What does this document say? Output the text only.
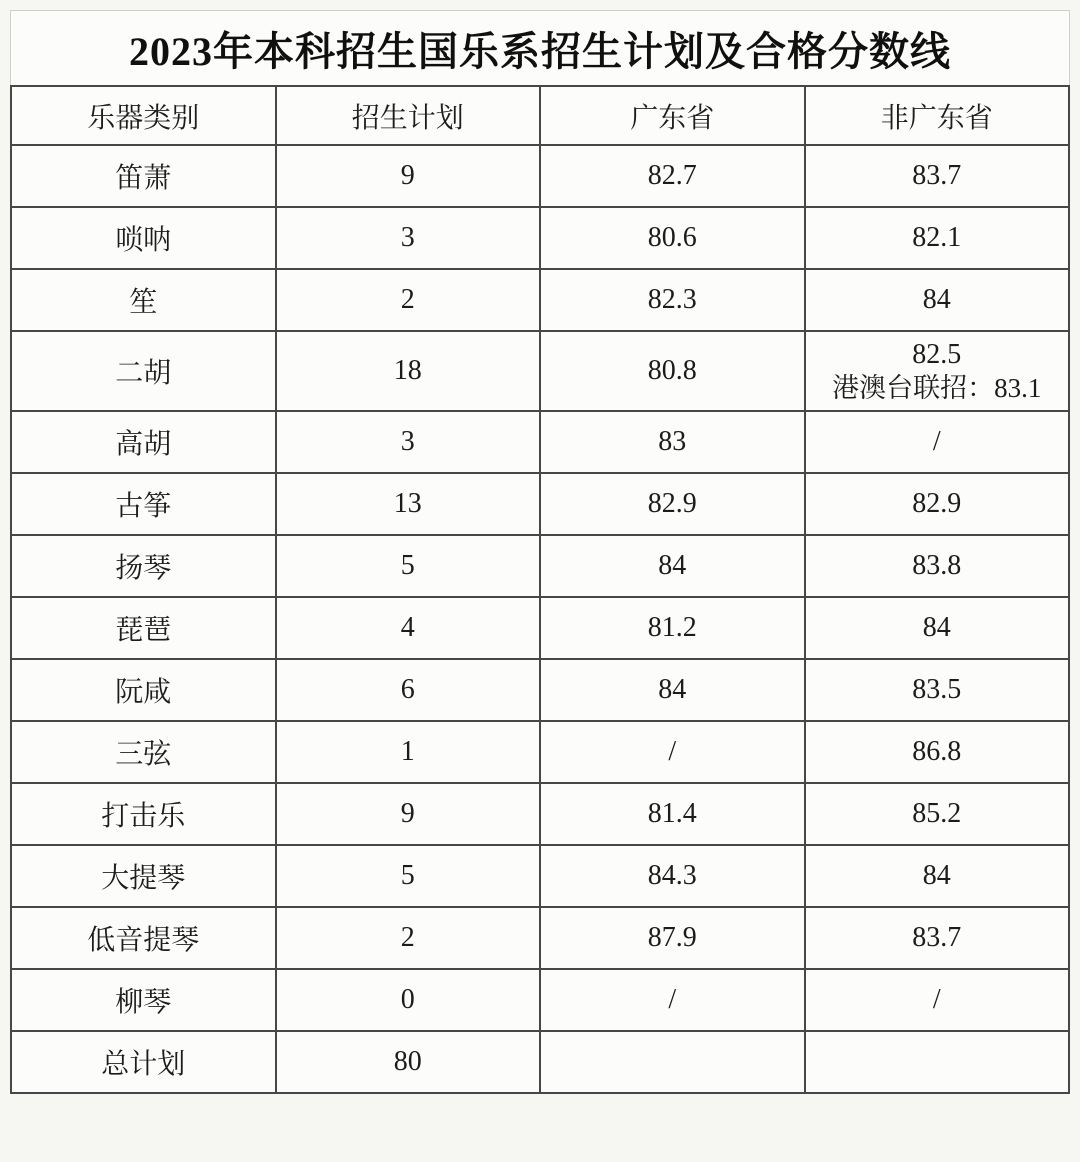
2023年本科招生国乐系招生计划及合格分数线
乐器类别	招生计划	广东省	非广东省
笛萧	9	82.7	83.7
唢呐	3	80.6	82.1
笙	2	82.3	84
二胡	18	80.8	82.5
港澳台联招：83.1

高胡	3	83	/
古筝	13	82.9	82.9
扬琴	5	84	83.8
琵琶	4	81.2	84
阮咸	6	84	83.5
三弦	1	/	86.8
打击乐	9	81.4	85.2
大提琴	5	84.3	84
低音提琴	2	87.9	83.7
柳琴	0	/	/
总计划	80		
